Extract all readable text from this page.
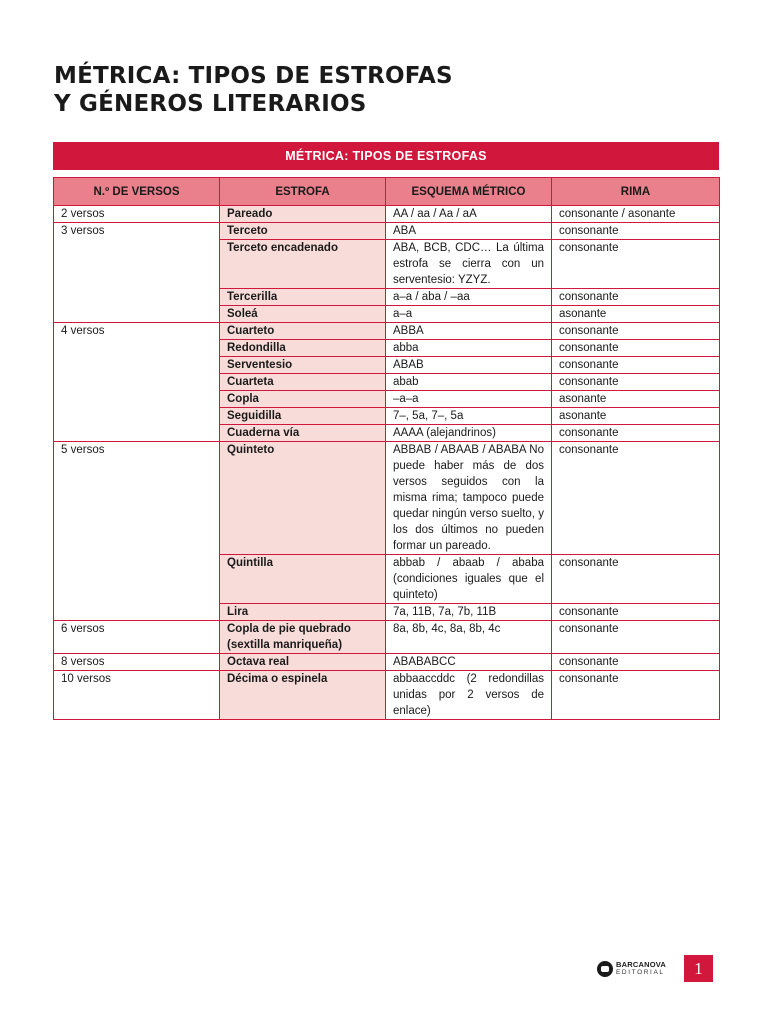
MÉTRICA: TIPOS DE ESTROFAS
Y GÉNEROS LITERARIOS
MÉTRICA: TIPOS DE ESTROFAS
N.º DE VERSOS	ESTROFA	ESQUEMA MÉTRICO	RIMA
2 versos	Pareado	AA / aa / Aa / aA	consonante / asonante
3 versos	Terceto	ABA	consonante
	Terceto encadenado	ABA, BCB, CDC… La última estrofa se cierra con un serventesio: YZYZ.	consonante
	Tercerilla	a–a / aba / –aa	consonante
	Soleá	a–a	asonante
4 versos	Cuarteto	ABBA	consonante
	Redondilla	abba	consonante
	Serventesio	ABAB	consonante
	Cuarteta	abab	consonante
	Copla	–a–a	asonante
	Seguidilla	7–, 5a, 7–, 5a	asonante
	Cuaderna vía	AAAA (alejandrinos)	consonante
5 versos	Quinteto	ABBAB / ABAAB / ABABA No puede haber más de dos versos seguidos con la misma rima; tampoco puede quedar ningún verso suelto, y los dos últimos no pueden formar un pareado.	consonante
	Quintilla	abbab / abaab / ababa (condiciones iguales que el quinteto)	consonante
	Lira	7a, 11B, 7a, 7b, 11B	consonante
6 versos	Copla de pie quebrado (sextilla manriqueña)	8a, 8b, 4c, 8a, 8b, 4c	consonante
8 versos	Octava real	ABABABCC	consonante
10 versos	Décima o espinela	abbaaccddc (2 redondillas unidas por 2 versos de enlace)	consonante
BARCANOVA
EDITORIAL	1
